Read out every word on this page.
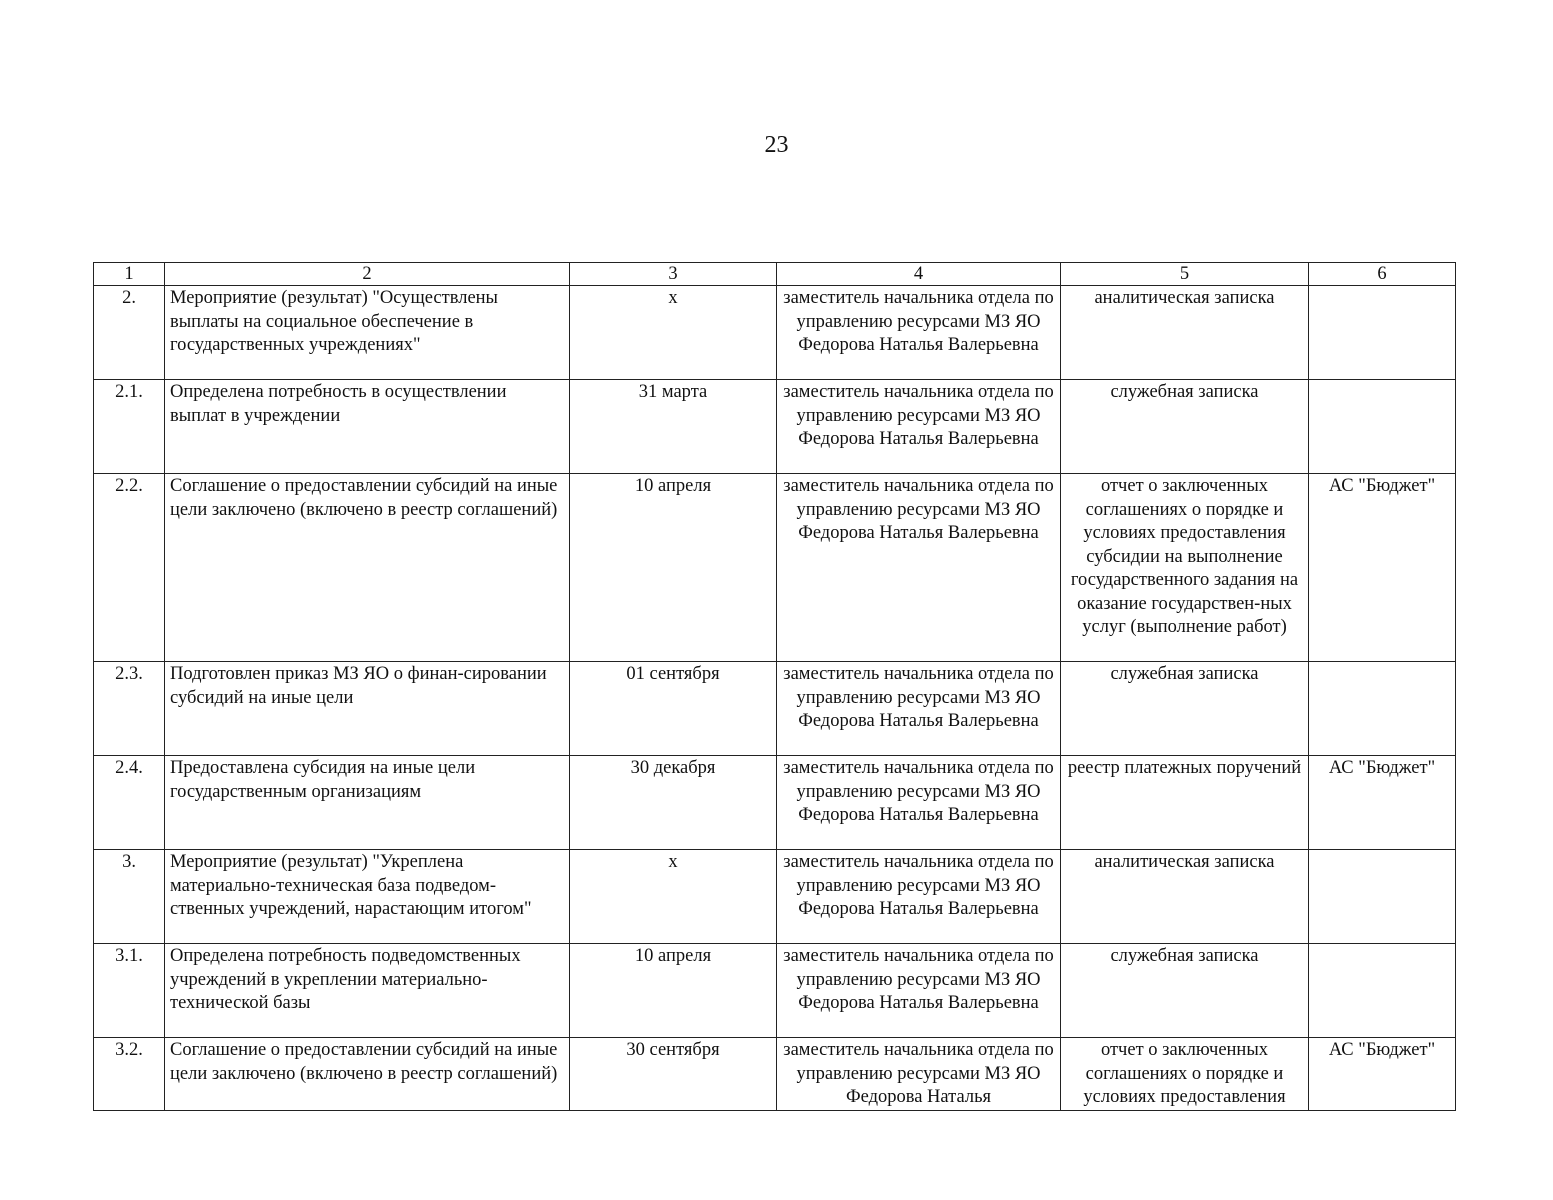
23
1	2	3	4	5	6
2.	Мероприятие (результат) "Осуществлены выплаты на социальное обеспечение в государственных учреждениях"	x	заместитель начальника отдела по управлению ресурсами МЗ ЯО Федорова Наталья Валерьевна	аналитическая записка	
2.1.	Определена потребность в осуществлении выплат в учреждении	31 марта	заместитель начальника отдела по управлению ресурсами МЗ ЯО Федорова Наталья Валерьевна	служебная записка	
2.2.	Соглашение о предоставлении субсидий на иные цели заключено (включено в реестр соглашений)	10 апреля	заместитель начальника отдела по управлению ресурсами МЗ ЯО Федорова Наталья Валерьевна	отчет о заключенных соглашениях о порядке и условиях предоставления субсидии на выполнение государственного задания на оказание государствен-ных услуг (выполнение работ)	АС "Бюджет"
2.3.	Подготовлен приказ МЗ ЯО о финан-сировании субсидий на иные цели	01 сентября	заместитель начальника отдела по управлению ресурсами МЗ ЯО Федорова Наталья Валерьевна	служебная записка	
2.4.	Предоставлена субсидия на иные цели государственным организациям	30 декабря	заместитель начальника отдела по управлению ресурсами МЗ ЯО Федорова Наталья Валерьевна	реестр платежных поручений	АС "Бюджет"
3.	Мероприятие (результат) "Укреплена материально-техническая база подведом-ственных учреждений, нарастающим итогом"	x	заместитель начальника отдела по управлению ресурсами МЗ ЯО Федорова Наталья Валерьевна	аналитическая записка	
3.1.	Определена потребность подведомственных учреждений в укреплении материально-технической базы	10 апреля	заместитель начальника отдела по управлению ресурсами МЗ ЯО Федорова Наталья Валерьевна	служебная записка	
3.2.	Соглашение о предоставлении субсидий на иные цели заключено (включено в реестр соглашений)	30 сентября	заместитель начальника отдела по управлению ресурсами МЗ ЯО Федорова Наталья	отчет о заключенных соглашениях о порядке и условиях предоставления	АС "Бюджет"
